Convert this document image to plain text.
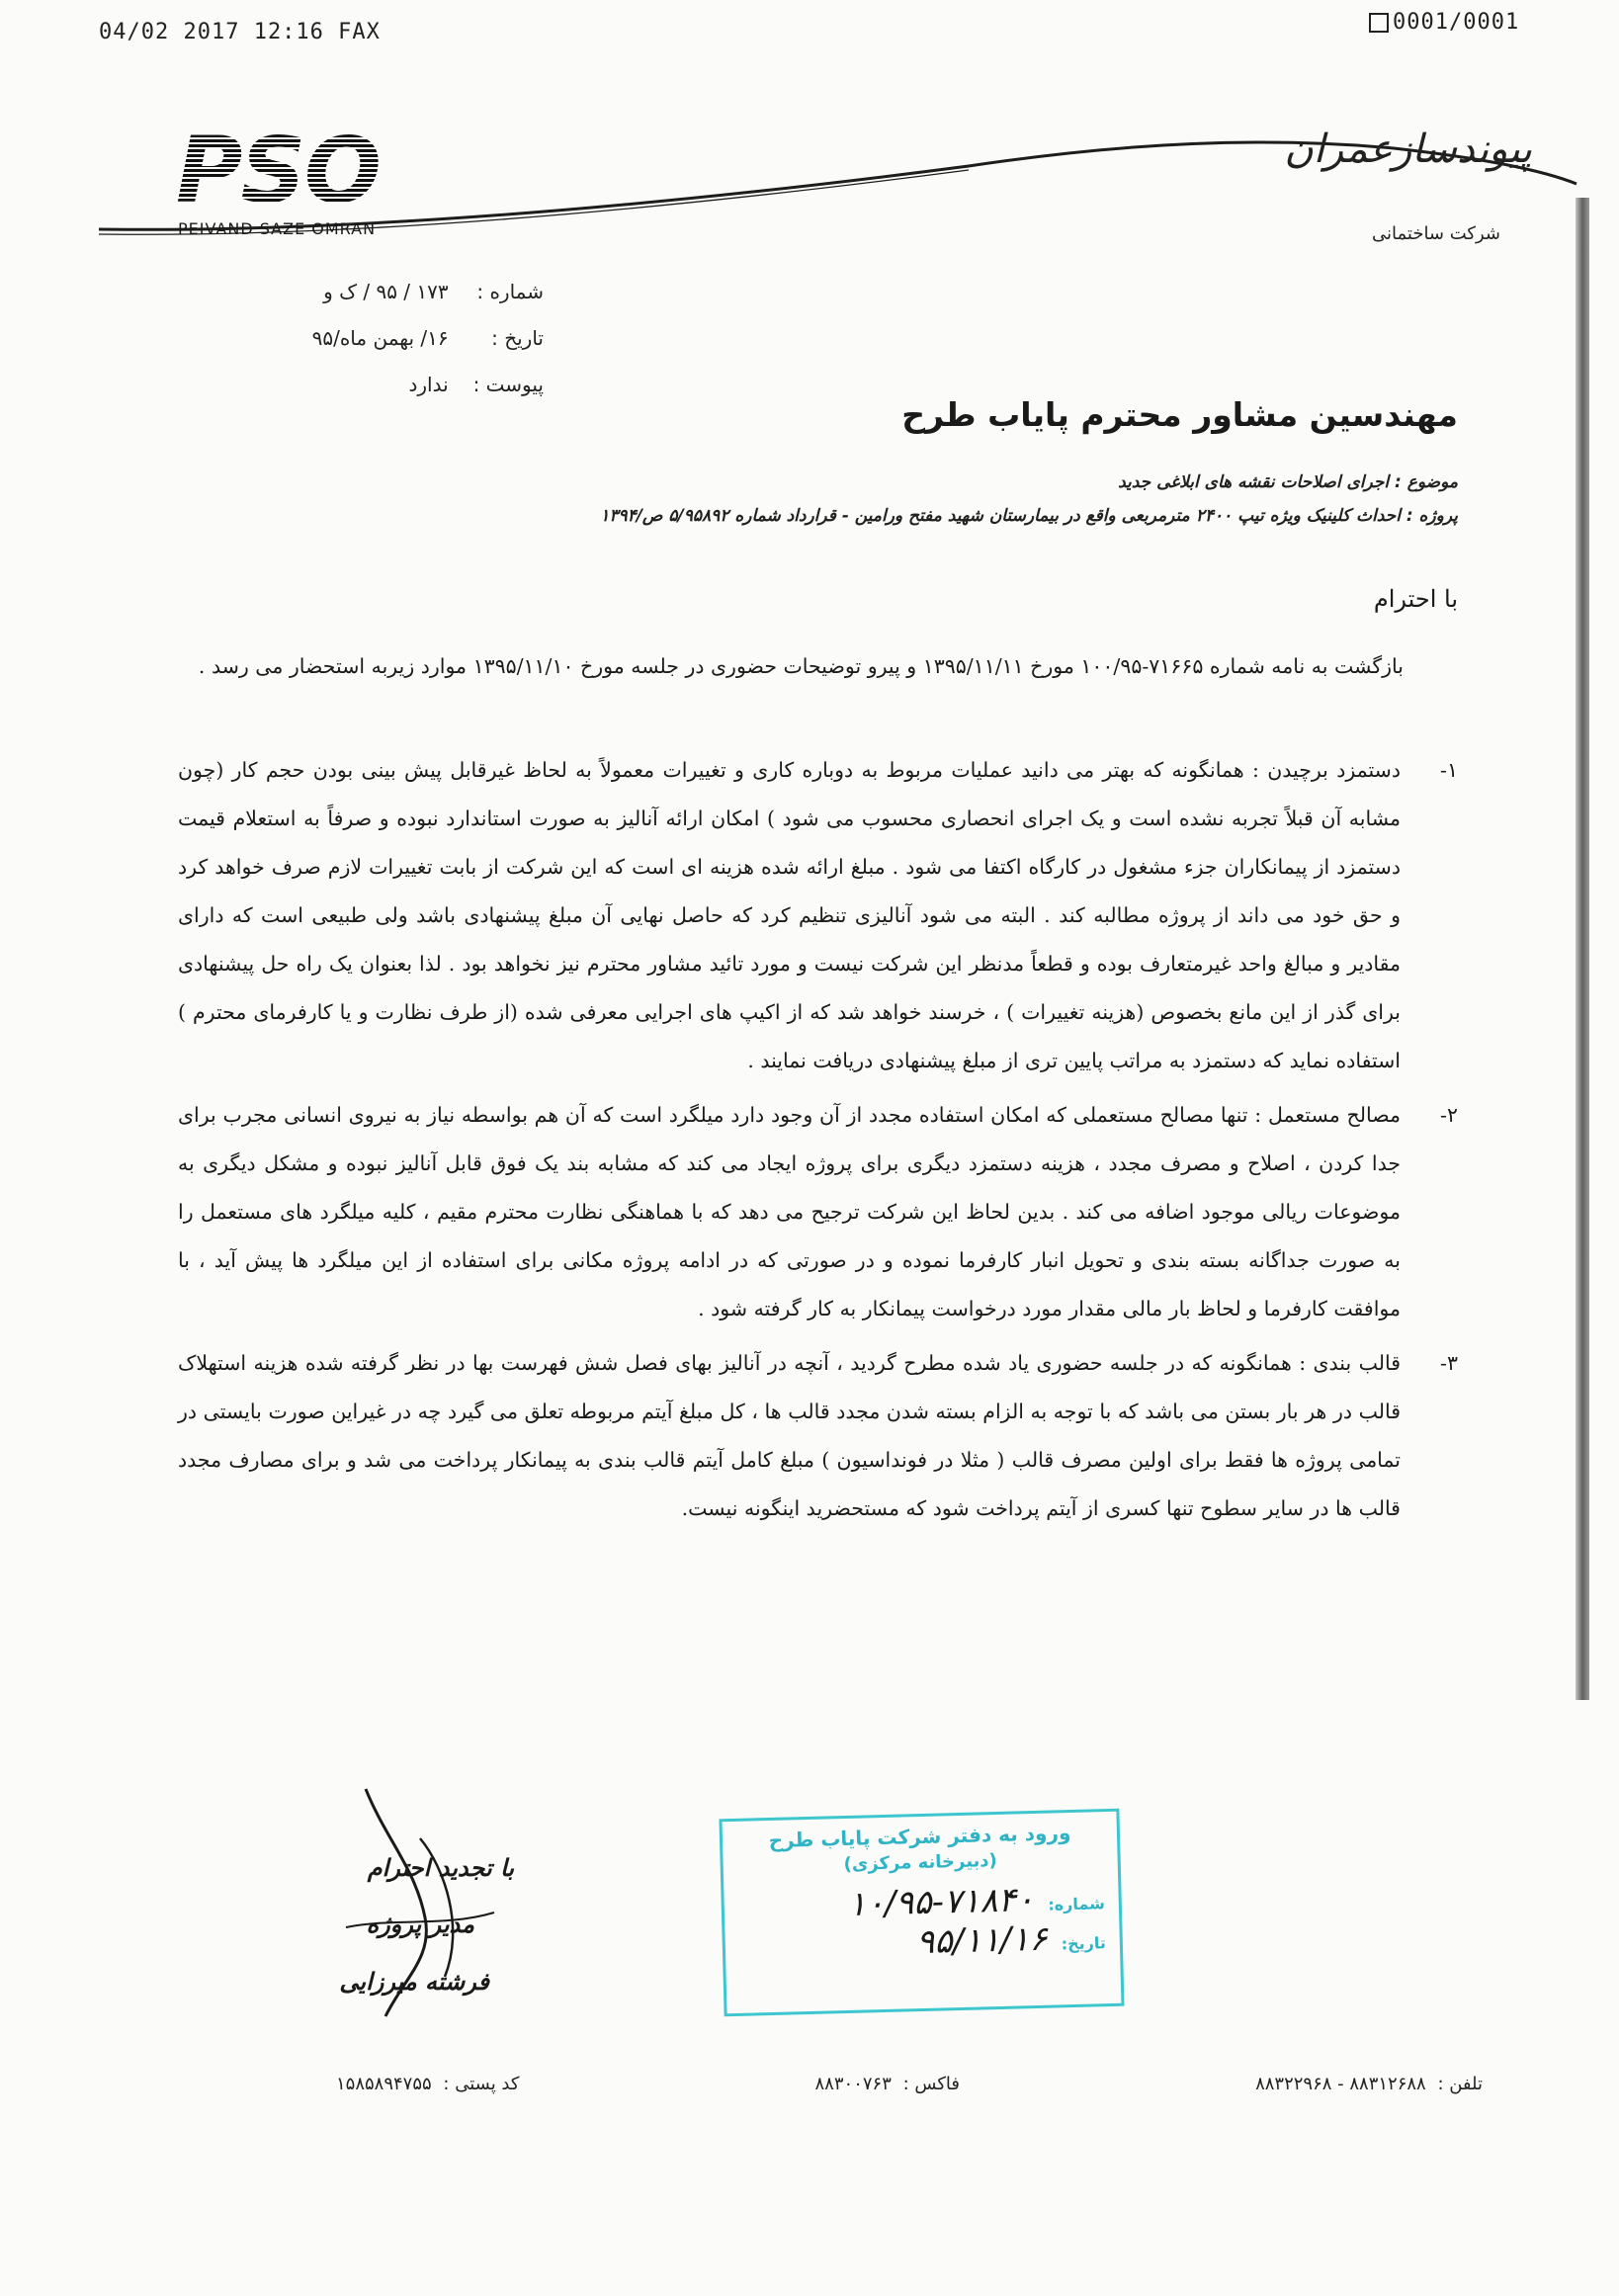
04/02 2017 12:16 FAX	0001/0001
PSO
PEIVAND SAZE OMRAN
پیوندسازعمران
شرکت ساختمانی
شماره : ۱۷۳ / ۹۵ / ک و
تاریخ : ۱۶/ بهمن ماه/۹۵
پیوست : ندارد
مهندسین مشاور محترم پایاب طرح
موضوع : اجرای اصلاحات نقشه های ابلاغی جدید
پروژه : احداث کلینیک ویژه تیپ ۲۴۰۰ مترمربعی واقع در بیمارستان شهید مفتح ورامین - قرارداد شماره ۵/۹۵۸۹۲ ص/۱۳۹۴
با احترام
بازگشت به نامه شماره ۷۱۶۶۵-۱۰۰/۹۵ مورخ ۱۳۹۵/۱۱/۱۱ و پیرو توضیحات حضوری در جلسه مورخ ۱۳۹۵/۱۱/۱۰ موارد زیربه استحضار می رسد .
۱-
دستمزد برچیدن : همانگونه که بهتر می دانید عملیات مربوط به دوباره کاری و تغییرات معمولاً به لحاظ غیرقابل پیش بینی بودن حجم کار (چون مشابه آن قبلاً تجربه نشده است و یک اجرای انحصاری محسوب می شود ) امکان ارائه آنالیز به صورت استاندارد نبوده و صرفاً به استعلام قیمت دستمزد از پیمانکاران جزء مشغول در کارگاه اکتفا می شود . مبلغ ارائه شده هزینه ای است که این شرکت از بابت تغییرات لازم صرف خواهد کرد و حق خود می داند از پروژه مطالبه کند . البته می شود آنالیزی تنظیم کرد که حاصل نهایی آن مبلغ پیشنهادی باشد ولی طبیعی است که دارای مقادیر و مبالغ واحد غیرمتعارف بوده و قطعاً مدنظر این شرکت نیست و مورد تائید مشاور محترم نیز نخواهد بود . لذا بعنوان یک راه حل پیشنهادی برای گذر از این مانع بخصوص (هزینه تغییرات ) ، خرسند خواهد شد که از اکیپ های اجرایی معرفی شده (از طرف نظارت و یا کارفرمای محترم ) استفاده نماید که دستمزد به مراتب پایین تری از مبلغ پیشنهادی دریافت نمایند .
۲-
مصالح مستعمل : تنها مصالح مستعملی که امکان استفاده مجدد از آن وجود دارد میلگرد است که آن هم بواسطه نیاز به نیروی انسانی مجرب برای جدا کردن ، اصلاح و مصرف مجدد ، هزینه دستمزد دیگری برای پروژه ایجاد می کند که مشابه بند یک فوق قابل آنالیز نبوده و مشکل دیگری به موضوعات ریالی موجود اضافه می کند . بدین لحاظ این شرکت ترجیح می دهد که با هماهنگی نظارت محترم مقیم ، کلیه میلگرد های مستعمل را به صورت جداگانه بسته بندی و تحویل انبار کارفرما نموده و در صورتی که در ادامه پروژه مکانی برای استفاده از این میلگرد ها پیش آید ، با موافقت کارفرما و لحاظ بار مالی مقدار مورد درخواست پیمانکار به کار گرفته شود .
۳-
قالب بندی : همانگونه که در جلسه حضوری یاد شده مطرح گردید ، آنچه در آنالیز بهای فصل شش فهرست بها در نظر گرفته شده هزینه استهلاک قالب در هر بار بستن می باشد که با توجه به الزام بسته شدن مجدد قالب ها ، کل مبلغ آیتم مربوطه تعلق می گیرد چه در غیراین صورت بایستی در تمامی پروژه ها فقط برای اولین مصرف قالب ( مثلا در فونداسیون ) مبلغ کامل آیتم قالب بندی به پیمانکار پرداخت می شد و برای مصارف مجدد قالب ها در سایر سطوح تنها کسری از آیتم پرداخت شود که مستحضرید اینگونه نیست.
با تجدید احترام
مدیر پروژه
فرشته میرزایی
ورود به دفتر شرکت پایاب طرح
(دبیرخانه مرکزی)
شماره:
۱۰/۹۵-۷۱۸۴۰
تاریخ:
۹۵/۱۱/۱۶
تلفن : ۸۸۳۱۲۶۸۸ - ۸۸۳۲۲۹۶۸
فاکس : ۸۸۳۰۰۷۶۳
کد پستی : ۱۵۸۵۸۹۴۷۵۵
